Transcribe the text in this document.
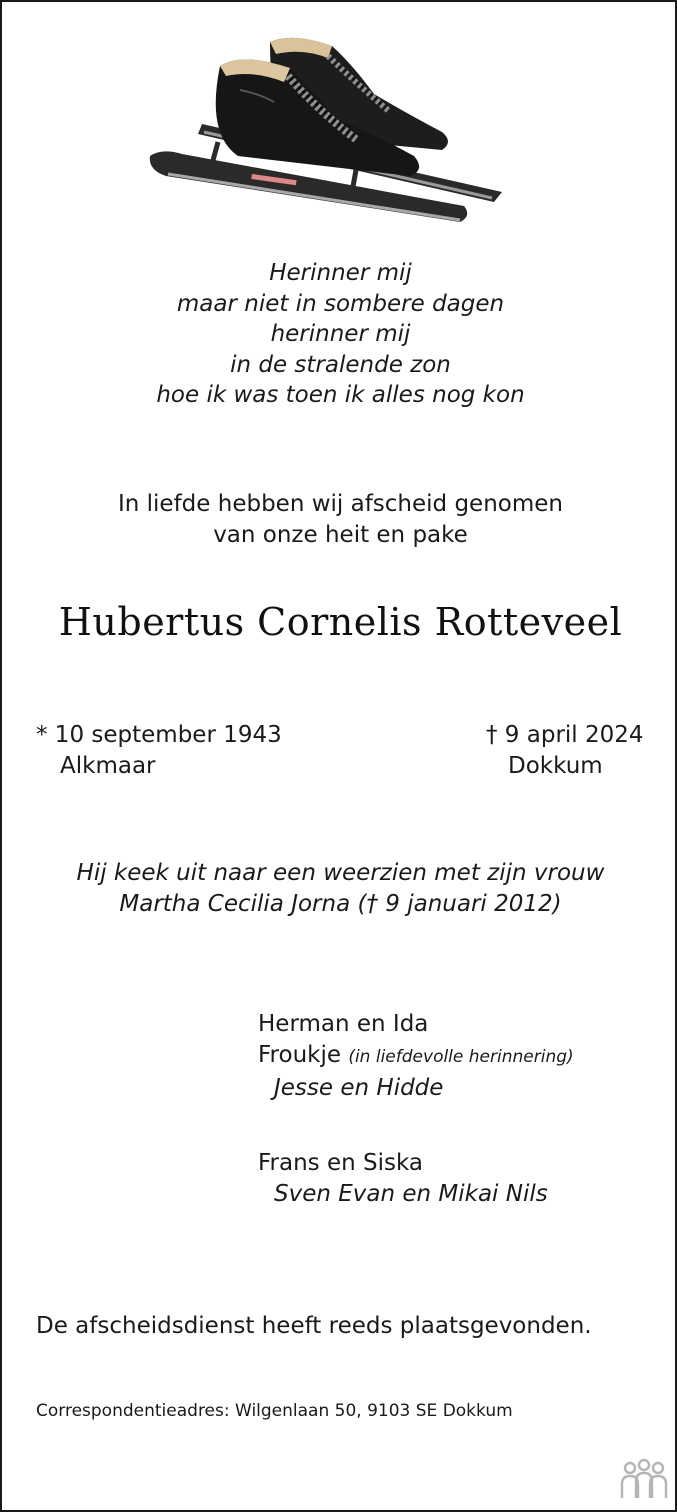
Herinner mij
maar niet in sombere dagen
herinner mij
in de stralende zon
hoe ik was toen ik alles nog kon
In liefde hebben wij afscheid genomen
van onze heit en pake
Hubertus Cornelis Rotteveel
* 10 september 1943
Alkmaar
† 9 april 2024
Dokkum
Hij keek uit naar een weerzien met zijn vrouw
Martha Cecilia Jorna († 9 januari 2012)
Herman en Ida
Froukje (in liefdevolle herinnering)
Jesse en Hidde
Frans en Siska
Sven Evan en Mikai Nils
De afscheidsdienst heeft reeds plaatsgevonden.
Correspondentieadres: Wilgenlaan 50, 9103 SE Dokkum
